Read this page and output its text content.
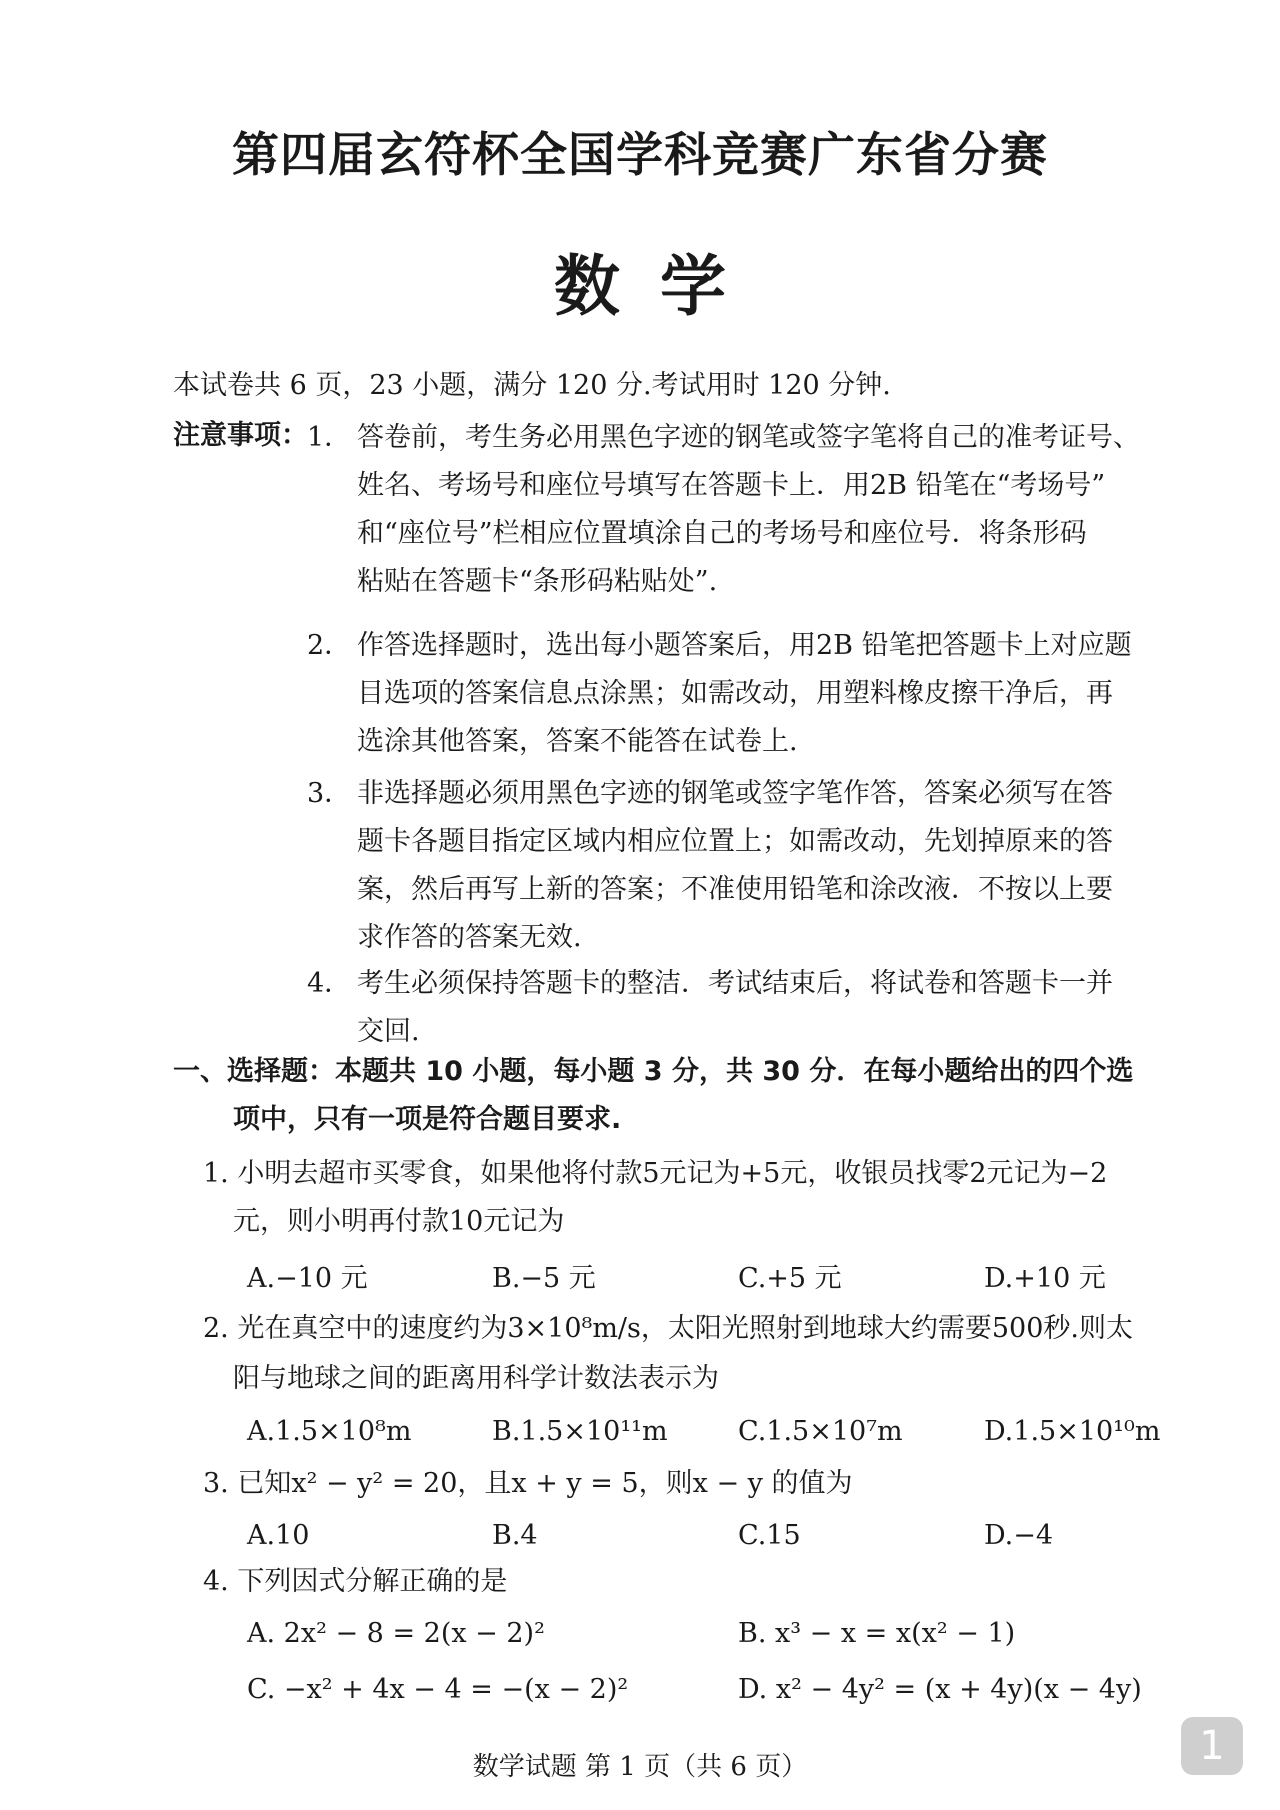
第四届玄符杯全国学科竞赛广东省分赛
数学
本试卷共 6 页，23 小题，满分 120 分.考试用时 120 分钟.
注意事项： 1． 答卷前，考生务必用黑色字迹的钢笔或签字笔将自己的准考证号、
姓名、考场号和座位号填写在答题卡上．用2B 铅笔在“考场号”
和“座位号”栏相应位置填涂自己的考场号和座位号．将条形码
粘贴在答题卡“条形码粘贴处”.
2． 作答选择题时，选出每小题答案后，用2B 铅笔把答题卡上对应题
目选项的答案信息点涂黑；如需改动，用塑料橡皮擦干净后，再
选涂其他答案，答案不能答在试卷上.
3． 非选择题必须用黑色字迹的钢笔或签字笔作答，答案必须写在答
题卡各题目指定区域内相应位置上；如需改动，先划掉原来的答
案，然后再写上新的答案；不准使用铅笔和涂改液．不按以上要
求作答的答案无效.
4． 考生必须保持答题卡的整洁．考试结束后，将试卷和答题卡一并
交回.
一、选择题：本题共 10 小题，每小题 3 分，共 30 分．在每小题给出的四个选
项中，只有一项是符合题目要求.
1. 小明去超市买零食，如果他将付款5元记为+5元，收银员找零2元记为−2
元，则小明再付款10元记为
A.−10 元	B.−5 元	C.+5 元	D.+10 元
2. 光在真空中的速度约为3×10⁸m/s，太阳光照射到地球大约需要500秒.则太
阳与地球之间的距离用科学计数法表示为
A.1.5×10⁸m	B.1.5×10¹¹m	C.1.5×10⁷m	D.1.5×10¹⁰m
3. 已知x² − y² = 20，且x + y = 5，则x − y 的值为
A.10	B.4	C.15	D.−4
4. 下列因式分解正确的是
A. 2x² − 8 = 2(x − 2)²	B. x³ − x = x(x² − 1)
C. −x² + 4x − 4 = −(x − 2)²	D. x² − 4y² = (x + 4y)(x − 4y)
数学试题 第 1 页（共 6 页）	1
